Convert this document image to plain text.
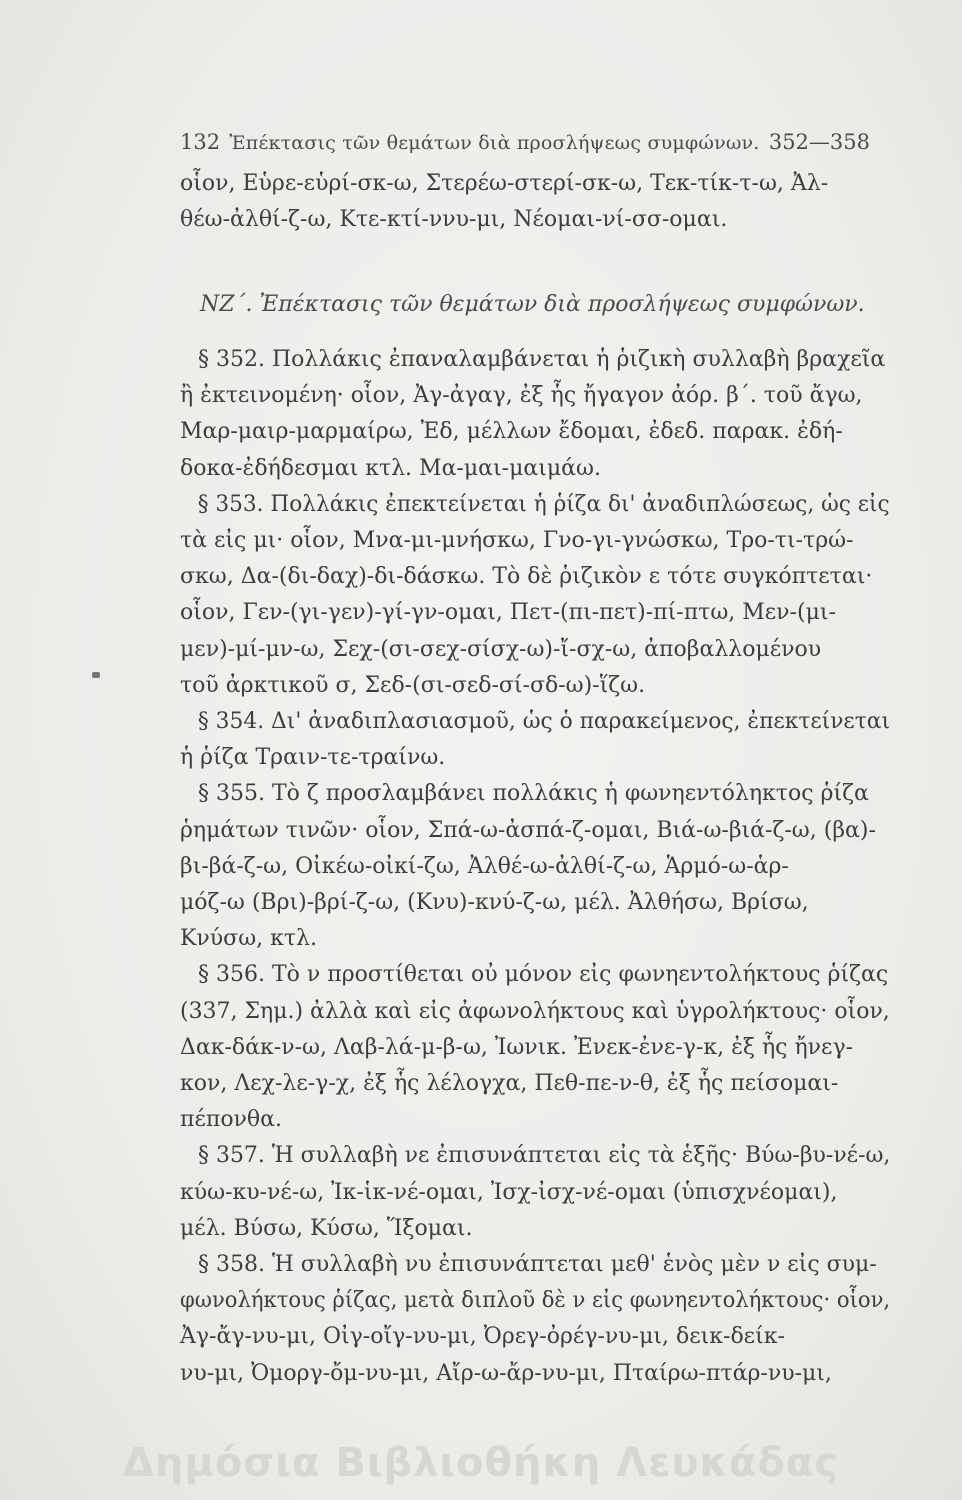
132 Ἐπέκτασις τῶν θεμάτων διὰ προσλήψεως συμφώνων. 352—358
οἷον, Εὑρε-εὑρί-σκ-ω, Στερέω-στερί-σκ-ω, Τεκ-τίκ-τ-ω, Ἀλ-
θέω-ἀλθί-ζ-ω, Κτε-κτί-ννυ-μι, Νέομαι-νί-σσ-ομαι.
ΝΖ΄. Ἐπέκτασις τῶν θεμάτων διὰ προσλήψεως συμφώνων.
§ 352. Πολλάκις ἐπαναλαμβάνεται ἡ ῥιζικὴ συλλαβὴ βραχεῖα
ἢ ἐκτεινομένη· οἷον, Ἀγ-ἀγαγ, ἐξ ἧς ἤγαγον ἀόρ. β΄. τοῦ ἄγω,
Μαρ-μαιρ-μαρμαίρω, Ἐδ, μέλλων ἔδομαι, ἐδεδ. παρακ. ἐδή-
δοκα-ἐδήδεσμαι κτλ. Μα-μαι-μαιμάω.
§ 353. Πολλάκις ἐπεκτείνεται ἡ ῥίζα δι' ἀναδιπλώσεως, ὡς εἰς
τὰ εἰς μι· οἷον, Μνα-μι-μνήσκω, Γνο-γι-γνώσκω, Τρο-τι-τρώ-
σκω, Δα-(δι-δαχ)-δι-δάσκω. Τὸ δὲ ῥιζικὸν ε τότε συγκόπτεται·
οἷον, Γεν-(γι-γεν)-γί-γν-ομαι, Πετ-(πι-πετ)-πί-πτω, Μεν-(μι-
μεν)-μί-μν-ω, Σεχ-(σι-σεχ-σίσχ-ω)-ἴ-σχ-ω, ἀποβαλλομένου
τοῦ ἀρκτικοῦ σ, Σεδ-(σι-σεδ-σί-σδ-ω)-ἵζω.
§ 354. Δι' ἀναδιπλασιασμοῦ, ὡς ὁ παρακείμενος, ἐπεκτείνεται
ἡ ῥίζα Τραιν-τε-τραίνω.
§ 355. Τὸ ζ προσλαμβάνει πολλάκις ἡ φωνηεντόληκτος ῥίζα
ῥημάτων τινῶν· οἷον, Σπά-ω-ἀσπά-ζ-ομαι, Βιά-ω-βιά-ζ-ω, (βα)-
βι-βά-ζ-ω, Οἰκέω-οἰκί-ζω, Ἀλθέ-ω-ἀλθί-ζ-ω, Ἁρμό-ω-ἁρ-
μόζ-ω (Βρι)-βρί-ζ-ω, (Κνυ)-κνύ-ζ-ω, μέλ. Ἀλθήσω, Βρίσω,
Κνύσω, κτλ.
§ 356. Τὸ ν προστίθεται οὐ μόνον εἰς φωνηεντολήκτους ῥίζας
(337, Σημ.) ἀλλὰ καὶ εἰς ἀφωνολήκτους καὶ ὑγρολήκτους· οἷον,
Δακ-δάκ-ν-ω, Λαβ-λά-μ-β-ω, Ἰωνικ. Ἐνεκ-ἐνε-γ-κ, ἐξ ἧς ἤνεγ-
κον, Λεχ-λε-γ-χ, ἐξ ἧς λέλογχα, Πεθ-πε-ν-θ, ἐξ ἧς πείσομαι-
πέπονθα.
§ 357. Ἡ συλλαβὴ νε ἐπισυνάπτεται εἰς τὰ ἑξῆς· Βύω-βυ-νέ-ω,
κύω-κυ-νέ-ω, Ἰκ-ἱκ-νέ-ομαι, Ἰσχ-ἰσχ-νέ-ομαι (ὑπισχνέομαι),
μέλ. Βύσω, Κύσω, Ἵξομαι.
§ 358. Ἡ συλλαβὴ νυ ἐπισυνάπτεται μεθ' ἑνὸς μὲν ν εἰς συμ-
φωνολήκτους ῥίζας, μετὰ διπλοῦ δὲ ν εἰς φωνηεντολήκτους· οἷον,
Ἀγ-ἄγ-νυ-μι, Οἰγ-οἴγ-νυ-μι, Ὀρεγ-ὀρέγ-νυ-μι, δεικ-δείκ-
νυ-μι, Ὀμοργ-ὄμ-νυ-μι, Αἴρ-ω-ἄρ-νυ-μι, Πταίρω-πτάρ-νυ-μι,
Δημόσια Βιβλιοθήκη Λευκάδας
